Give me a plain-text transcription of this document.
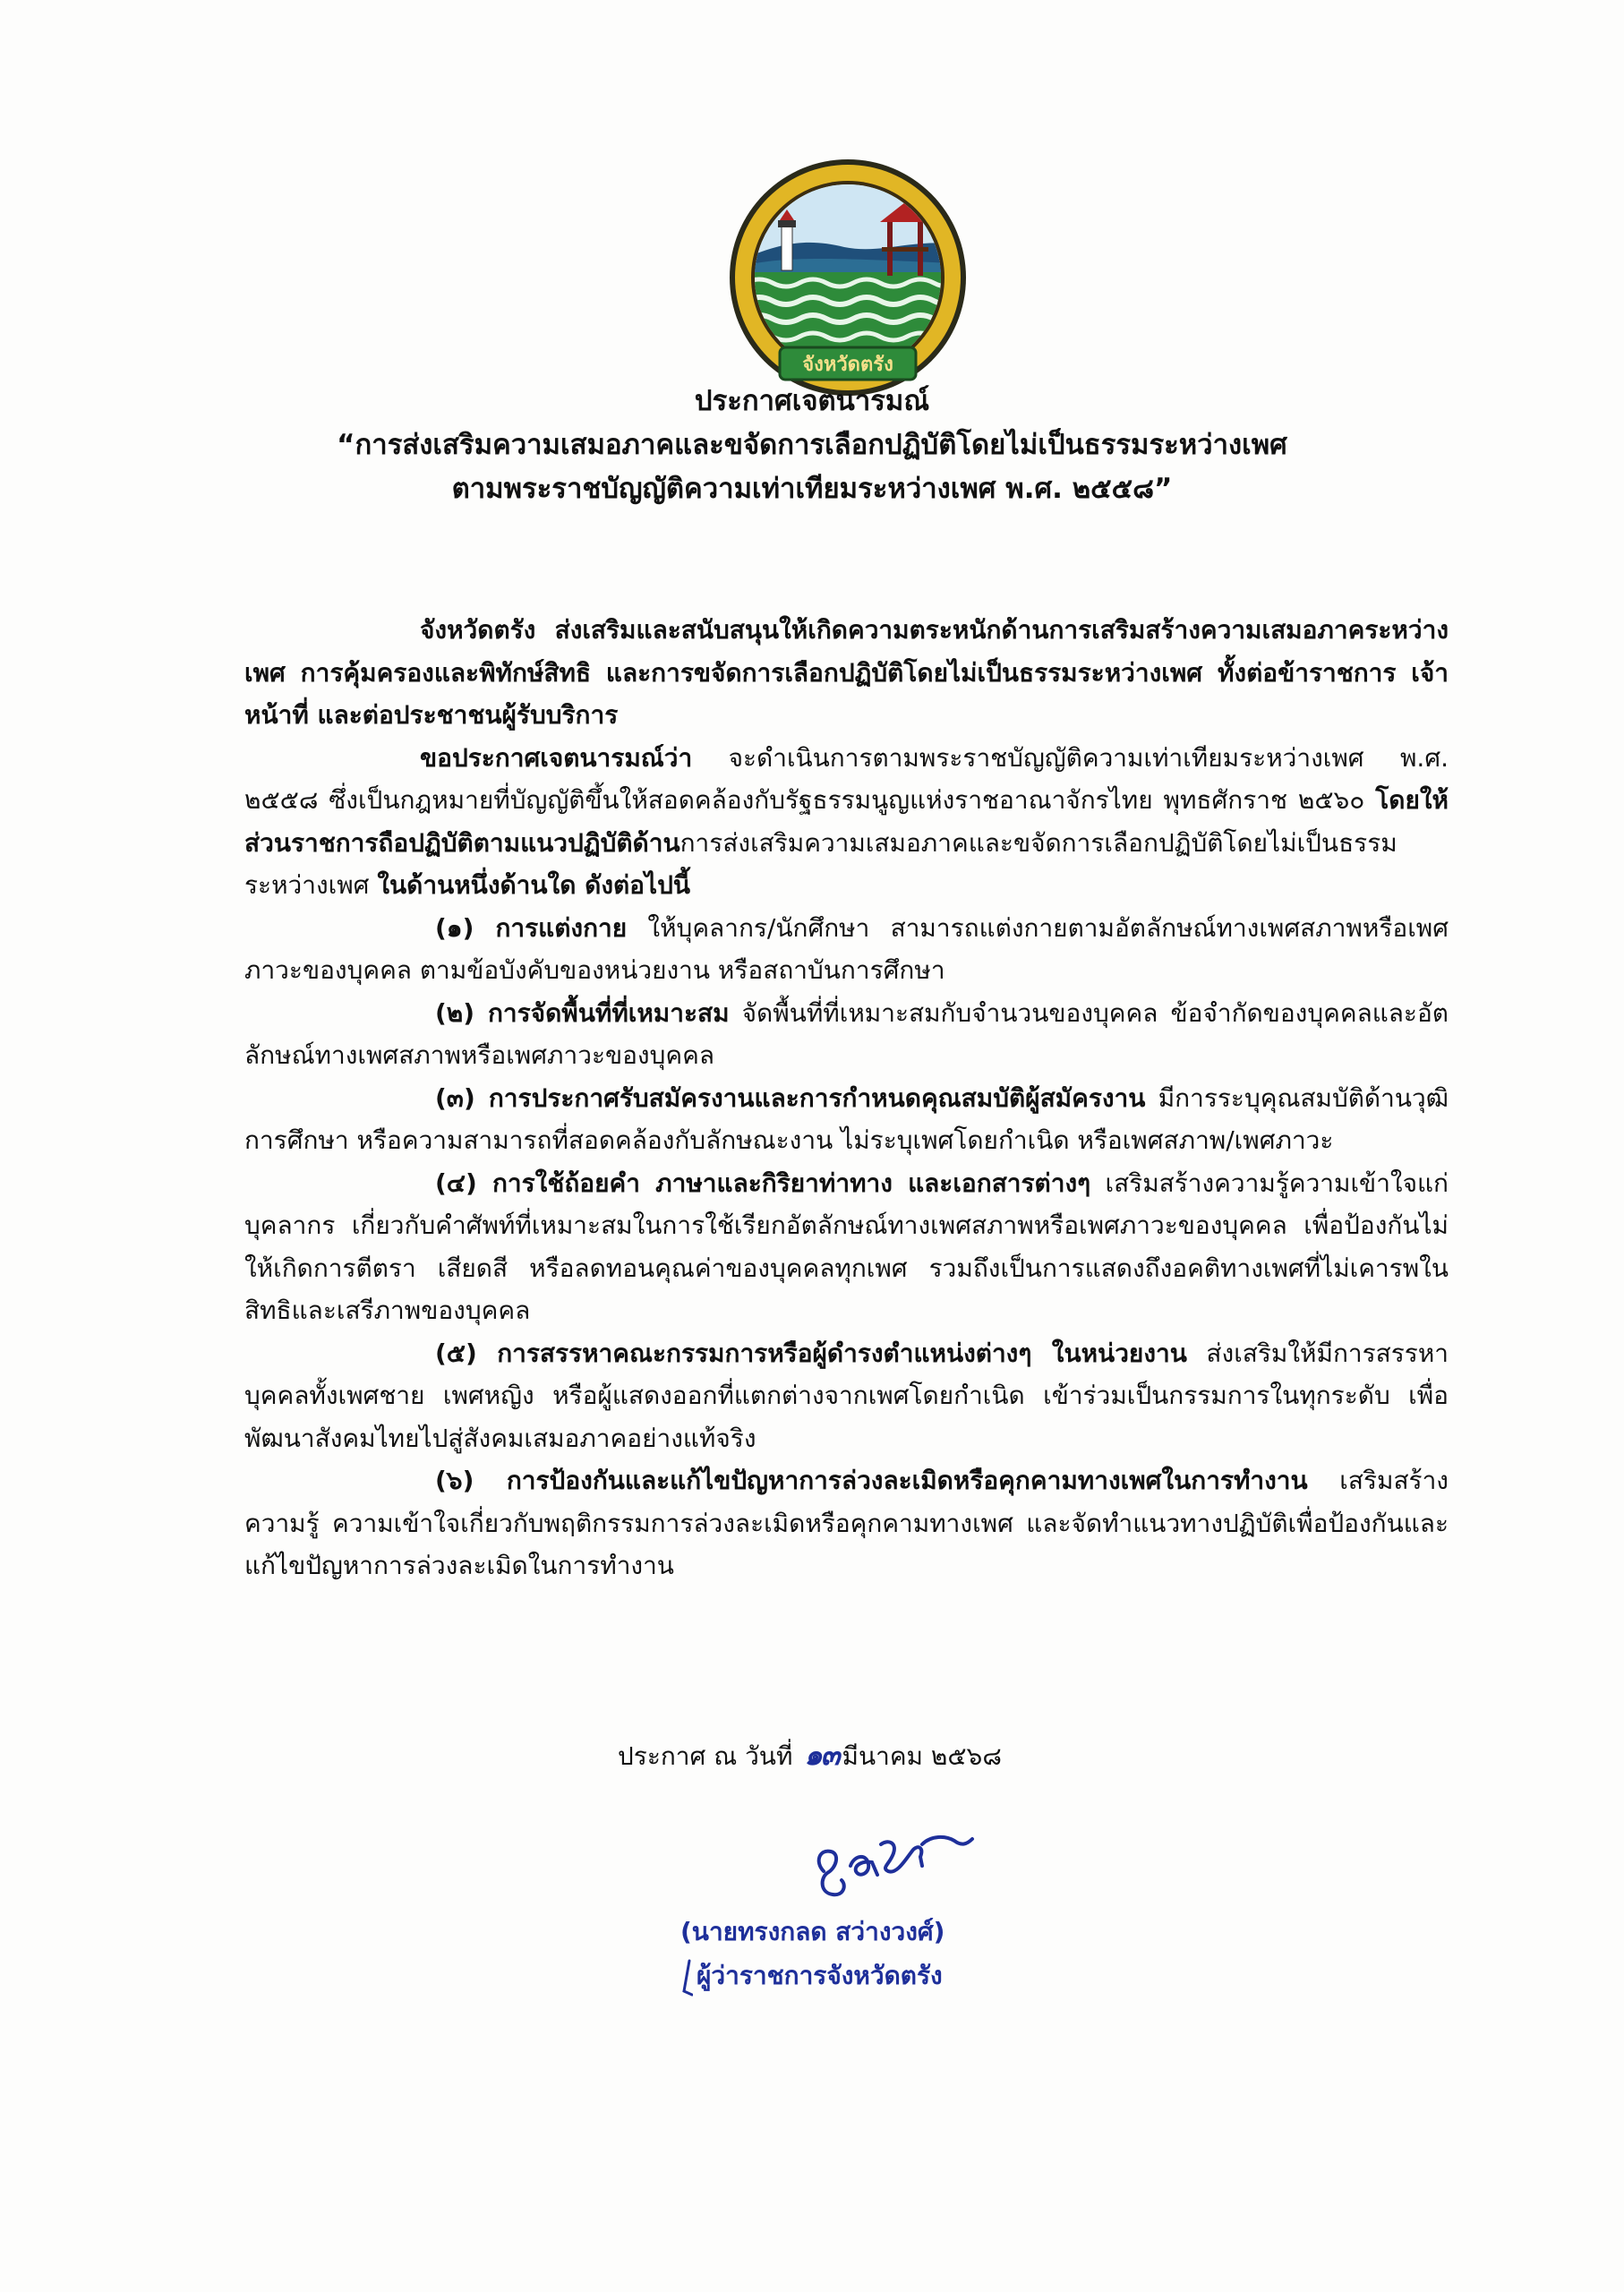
จังหวัดตรัง
ประกาศเจตนารมณ์
“การส่งเสริมความเสมอภาคและขจัดการเลือกปฏิบัติโดยไม่เป็นธรรมระหว่างเพศ
ตามพระราชบัญญัติความเท่าเทียมระหว่างเพศ พ.ศ. ๒๕๕๘”

จังหวัดตรัง ส่งเสริมและสนับสนุนให้เกิดความตระหนักด้านการเสริมสร้างความเสมอภาคระหว่างเพศ การคุ้มครองและพิทักษ์สิทธิ และการขจัดการเลือกปฏิบัติโดยไม่เป็นธรรมระหว่างเพศ ทั้งต่อข้าราชการ เจ้าหน้าที่ และต่อประชาชนผู้รับบริการ

ขอประกาศเจตนารมณ์ว่า จะดำเนินการตามพระราชบัญญัติความเท่าเทียมระหว่างเพศ พ.ศ. ๒๕๕๘ ซึ่งเป็นกฎหมายที่บัญญัติขึ้นให้สอดคล้องกับรัฐธรรมนูญแห่งราชอาณาจักรไทย พุทธศักราช ๒๕๖๐ โดยให้ส่วนราชการถือปฏิบัติตามแนวปฏิบัติด้านการส่งเสริมความเสมอภาคและขจัดการเลือกปฏิบัติโดยไม่เป็นธรรมระหว่างเพศ ในด้านหนึ่งด้านใด ดังต่อไปนี้

(๑) การแต่งกาย ให้บุคลากร/นักศึกษา สามารถแต่งกายตามอัตลักษณ์ทางเพศสภาพหรือเพศภาวะของบุคคล ตามข้อบังคับของหน่วยงาน หรือสถาบันการศึกษา

(๒) การจัดพื้นที่ที่เหมาะสม จัดพื้นที่ที่เหมาะสมกับจำนวนของบุคคล ข้อจำกัดของบุคคลและอัตลักษณ์ทางเพศสภาพหรือเพศภาวะของบุคคล

(๓) การประกาศรับสมัครงานและการกำหนดคุณสมบัติผู้สมัครงาน มีการระบุคุณสมบัติด้านวุฒิการศึกษา หรือความสามารถที่สอดคล้องกับลักษณะงาน ไม่ระบุเพศโดยกำเนิด หรือเพศสภาพ/เพศภาวะ

(๔) การใช้ถ้อยคำ ภาษาและกิริยาท่าทาง และเอกสารต่างๆ เสริมสร้างความรู้ความเข้าใจแก่บุคลากร เกี่ยวกับคำศัพท์ที่เหมาะสมในการใช้เรียกอัตลักษณ์ทางเพศสภาพหรือเพศภาวะของบุคคล เพื่อป้องกันไม่ให้เกิดการตีตรา เสียดสี หรือลดทอนคุณค่าของบุคคลทุกเพศ รวมถึงเป็นการแสดงถึงอคติทางเพศที่ไม่เคารพในสิทธิและเสรีภาพของบุคคล

(๕) การสรรหาคณะกรรมการหรือผู้ดำรงตำแหน่งต่างๆ ในหน่วยงาน ส่งเสริมให้มีการสรรหาบุคคลทั้งเพศชาย เพศหญิง หรือผู้แสดงออกที่แตกต่างจากเพศโดยกำเนิด เข้าร่วมเป็นกรรมการในทุกระดับ เพื่อพัฒนาสังคมไทยไปสู่สังคมเสมอภาคอย่างแท้จริง

(๖) การป้องกันและแก้ไขปัญหาการล่วงละเมิดหรือคุกคามทางเพศในการทำงาน เสริมสร้างความรู้ ความเข้าใจเกี่ยวกับพฤติกรรมการล่วงละเมิดหรือคุกคามทางเพศ และจัดทำแนวทางปฏิบัติเพื่อป้องกันและแก้ไขปัญหาการล่วงละเมิดในการทำงาน

ประกาศ ณ วันที่ ๑๓ มีนาคม ๒๕๖๘
(นายทรงกลด สว่างวงศ์)
ผู้ว่าราชการจังหวัดตรัง
